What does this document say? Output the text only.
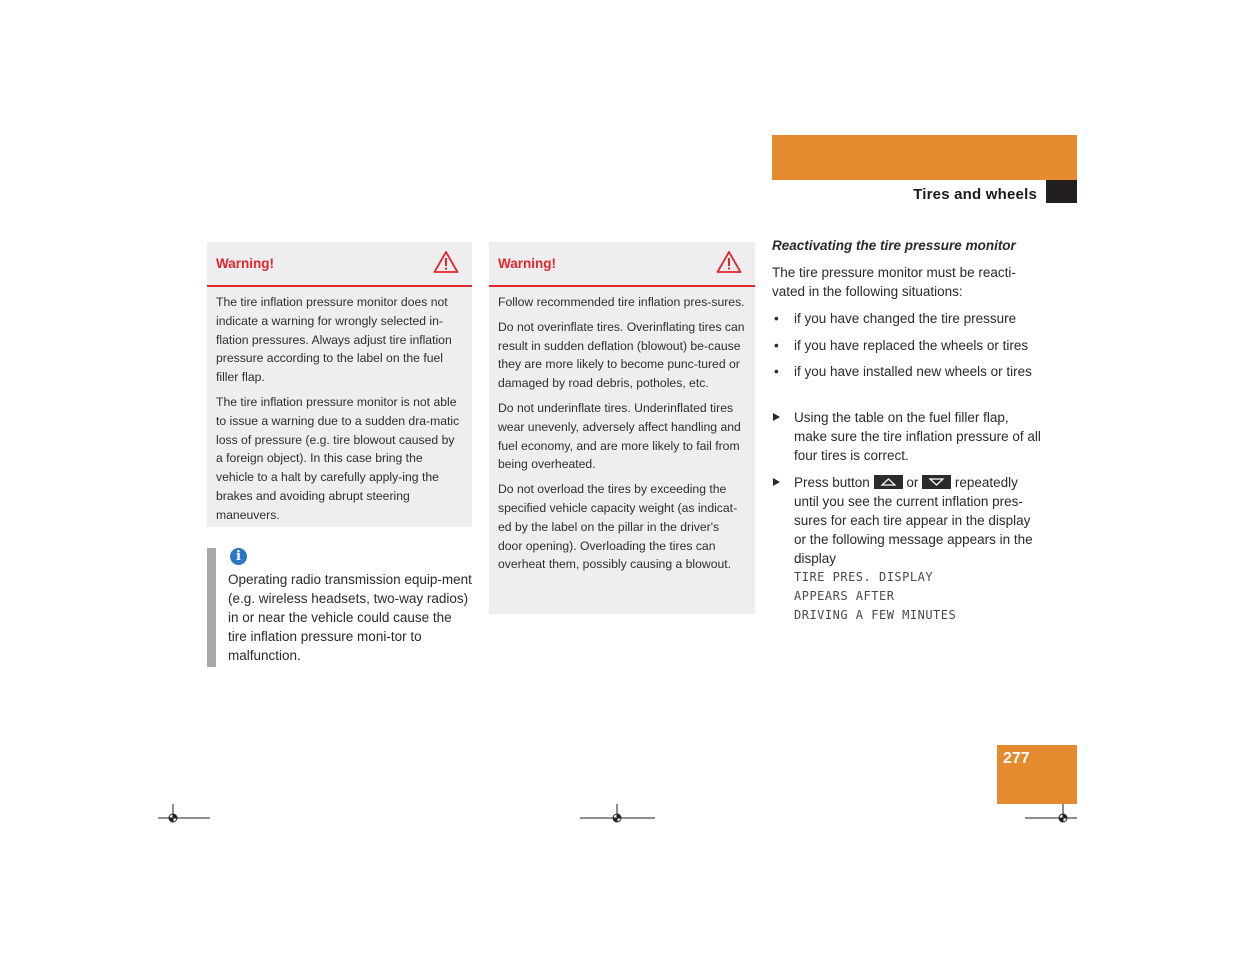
Operation
Tires and wheels
Warning!

The tire inflation pressure monitor does not indicate a warning for wrongly selected in-flation pressures. Always adjust tire inflation pressure according to the label on the fuel filler flap.

The tire inflation pressure monitor is not able to issue a warning due to a sudden dra-matic loss of pressure (e.g. tire blowout caused by a foreign object). In this case bring the vehicle to a halt by carefully apply-ing the brakes and avoiding abrupt steering maneuvers.

i
Operating radio transmission equip-ment (e.g. wireless headsets, two-way radios) in or near the vehicle could cause the tire inflation pressure moni-tor to malfunction.
Warning!

Follow recommended tire inflation pres-sures.

Do not overinflate tires. Overinflating tires can result in sudden deflation (blowout) be-cause they are more likely to become punc-tured or damaged by road debris, potholes, etc.

Do not underinflate tires. Underinflated tires wear unevenly, adversely affect handling and fuel economy, and are more likely to fail from being overheated.

Do not overload the tires by exceeding the specified vehicle capacity weight (as indicat-ed by the label on the pillar in the driver's door opening). Overloading the tires can overheat them, possibly causing a blowout.

Reactivating the tire pressure monitor
The tire pressure monitor must be reacti-vated in the following situations:
• if you have changed the tire pressure
• if you have replaced the wheels or tires
• if you have installed new wheels or tires
Using the table on the fuel filler flap, make sure the tire inflation pressure of all four tires is correct.
Press button	or	repeatedly until you see the current inflation pres-sures for each tire appear in the display or the following message appears in the display
TIRE PRES. DISPLAY
APPEARS AFTER
DRIVING A FEW MINUTES
277
